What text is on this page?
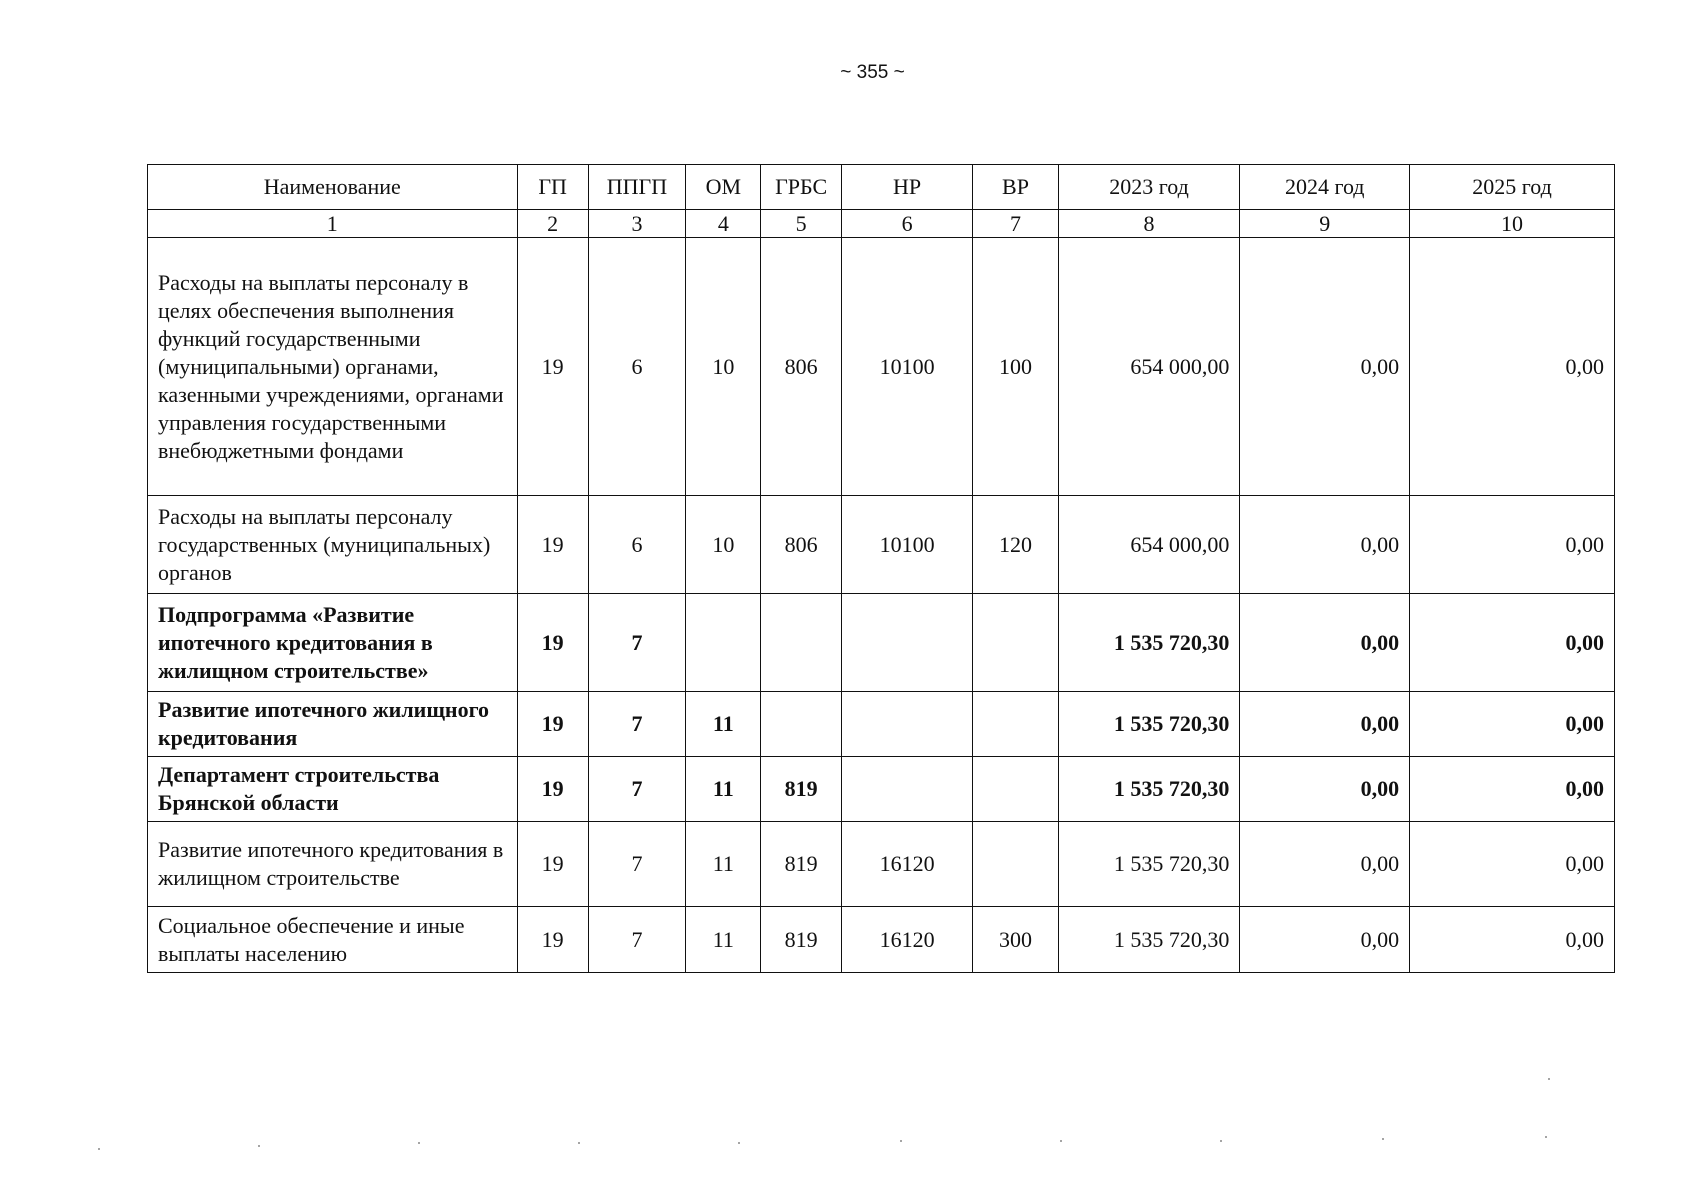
~ 355 ~
Наименование	ГП	ППГП	ОМ	ГРБС	НР	ВР	2023 год	2024 год	2025 год
1	2	3	4	5	6	7	8	9	10
Расходы на выплаты персоналу в целях обеспечения выполнения функций государственными (муниципальными) органами, казенными учреждениями, органами управления государственными внебюджетными фондами	19	6	10	806	10100	100	654 000,00	0,00	0,00
Расходы на выплаты персоналу государственных (муниципальных) органов	19	6	10	806	10100	120	654 000,00	0,00	0,00
Подпрограмма «Развитие ипотечного кредитования в жилищном строительстве»	19	7					1 535 720,30	0,00	0,00
Развитие ипотечного жилищного кредитования	19	7	11				1 535 720,30	0,00	0,00
Департамент строительства Брянской области	19	7	11	819			1 535 720,30	0,00	0,00
Развитие ипотечного кредитования в жилищном строительстве	19	7	11	819	16120		1 535 720,30	0,00	0,00
Социальное обеспечение и иные выплаты населению	19	7	11	819	16120	300	1 535 720,30	0,00	0,00
